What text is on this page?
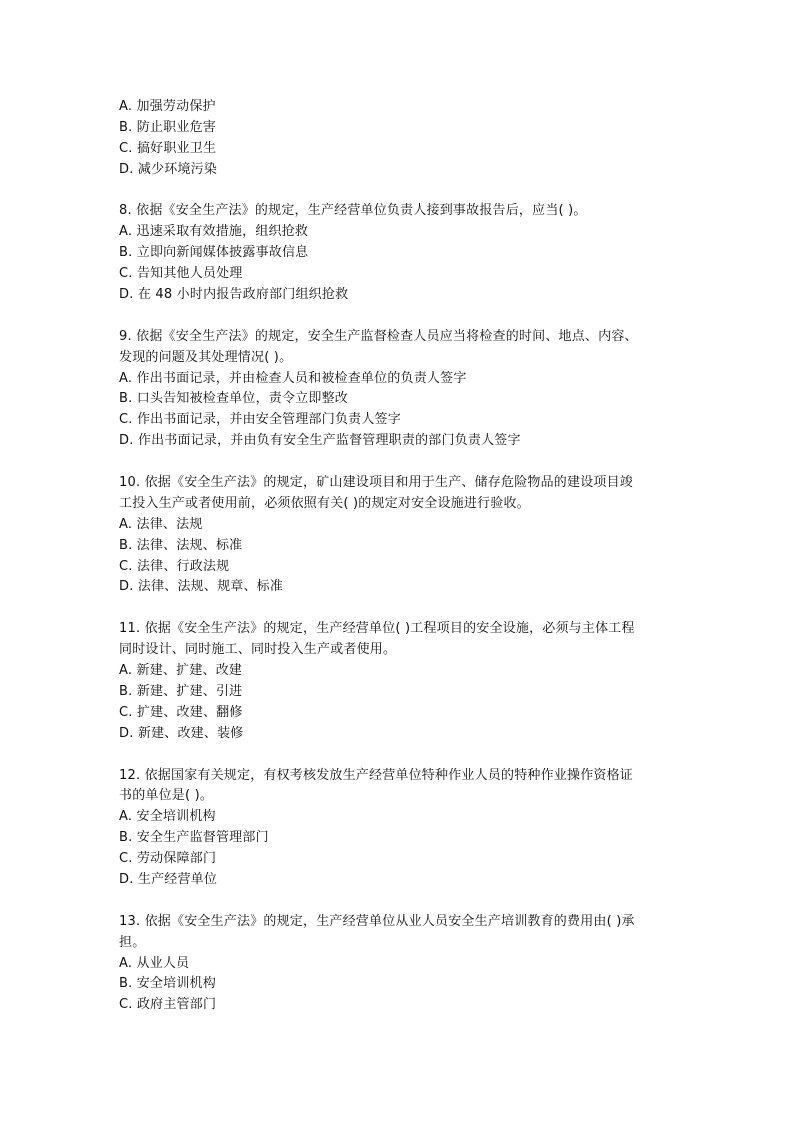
A. 加强劳动保护
B. 防止职业危害
C. 搞好职业卫生
D. 减少环境污染
8. 依据《安全生产法》的规定，生产经营单位负责人接到事故报告后，应当( )。
A. 迅速采取有效措施，组织抢救
B. 立即向新闻媒体披露事故信息
C. 告知其他人员处理
D. 在 48 小时内报告政府部门组织抢救
9. 依据《安全生产法》的规定，安全生产监督检查人员应当将检查的时间、地点、内容、
发现的问题及其处理情况( )。
A. 作出书面记录，并由检查人员和被检查单位的负责人签字
B. 口头告知被检查单位，责令立即整改
C. 作出书面记录，并由安全管理部门负责人签字
D. 作出书面记录，并由负有安全生产监督管理职责的部门负责人签字
10. 依据《安全生产法》的规定，矿山建设项目和用于生产、储存危险物品的建设项目竣
工投入生产或者使用前，必须依照有关( )的规定对安全设施进行验收。
A. 法律、法规
B. 法律、法规、标准
C. 法律、行政法规
D. 法律、法规、规章、标准
11. 依据《安全生产法》的规定，生产经营单位( )工程项目的安全设施，必须与主体工程
同时设计、同时施工、同时投入生产或者使用。
A. 新建、扩建、改建
B. 新建、扩建、引进
C. 扩建、改建、翻修
D. 新建、改建、装修
12. 依据国家有关规定，有权考核发放生产经营单位特种作业人员的特种作业操作资格证
书的单位是( )。
A. 安全培训机构
B. 安全生产监督管理部门
C. 劳动保障部门
D. 生产经营单位
13. 依据《安全生产法》的规定，生产经营单位从业人员安全生产培训教育的费用由( )承
担。
A. 从业人员
B. 安全培训机构
C. 政府主管部门
